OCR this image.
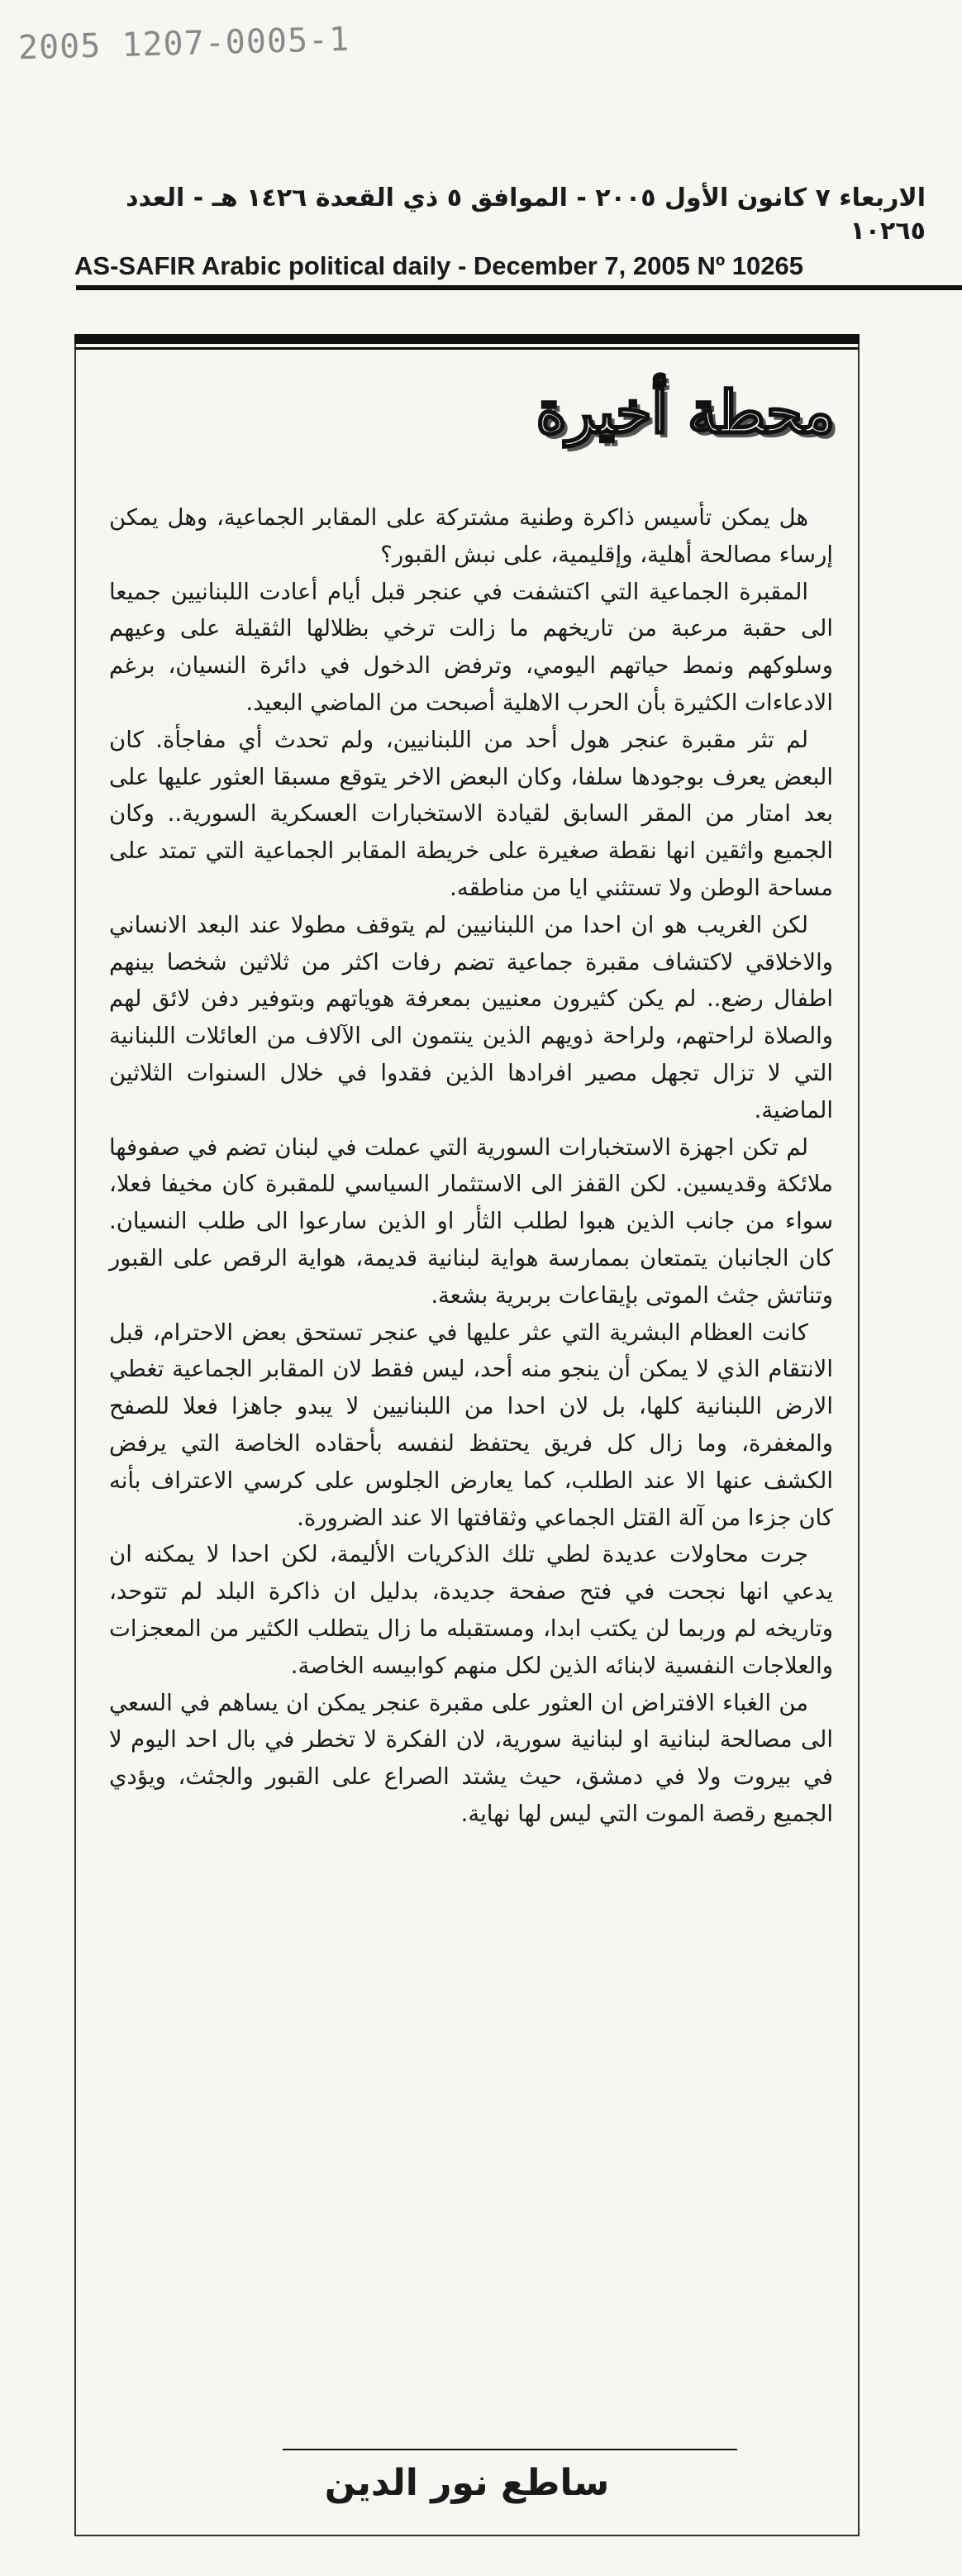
2005 1207-0005-1
الاربعاء ٧ كانون الأول ٢٠٠٥ - الموافق ٥ ذي القعدة ١٤٢٦ هـ - العدد ١٠٢٦٥
AS-SAFIR Arabic political daily - December 7, 2005 Nº 10265
محطة أخيرة

هل يمكن تأسيس ذاكرة وطنية مشتركة على المقابر الجماعية، وهل يمكن إرساء مصالحة أهلية، وإقليمية، على نبش القبور؟

المقبرة الجماعية التي اكتشفت في عنجر قبل أيام أعادت اللبنانيين جميعا الى حقبة مرعبة من تاريخهم ما زالت ترخي بظلالها الثقيلة على وعيهم وسلوكهم ونمط حياتهم اليومي، وترفض الدخول في دائرة النسيان، برغم الادعاءات الكثيرة بأن الحرب الاهلية أصبحت من الماضي البعيد.

لم تثر مقبرة عنجر هول أحد من اللبنانيين، ولم تحدث أي مفاجأة. كان البعض يعرف بوجودها سلفا، وكان البعض الاخر يتوقع مسبقا العثور عليها على بعد امتار من المقر السابق لقيادة الاستخبارات العسكرية السورية.. وكان الجميع واثقين انها نقطة صغيرة على خريطة المقابر الجماعية التي تمتد على مساحة الوطن ولا تستثني ايا من مناطقه.

لكن الغريب هو ان احدا من اللبنانيين لم يتوقف مطولا عند البعد الانساني والاخلاقي لاكتشاف مقبرة جماعية تضم رفات اكثر من ثلاثين شخصا بينهم اطفال رضع.. لم يكن كثيرون معنيين بمعرفة هوياتهم وبتوفير دفن لائق لهم والصلاة لراحتهم، ولراحة ذويهم الذين ينتمون الى الآلاف من العائلات اللبنانية التي لا تزال تجهل مصير افرادها الذين فقدوا في خلال السنوات الثلاثين الماضية.

لم تكن اجهزة الاستخبارات السورية التي عملت في لبنان تضم في صفوفها ملائكة وقديسين. لكن القفز الى الاستثمار السياسي للمقبرة كان مخيفا فعلا، سواء من جانب الذين هبوا لطلب الثأر او الذين سارعوا الى طلب النسيان. كان الجانبان يتمتعان بممارسة هواية لبنانية قديمة، هواية الرقص على القبور وتناتش جثث الموتى بإيقاعات بربرية بشعة.

كانت العظام البشرية التي عثر عليها في عنجر تستحق بعض الاحترام، قبل الانتقام الذي لا يمكن أن ينجو منه أحد، ليس فقط لان المقابر الجماعية تغطي الارض اللبنانية كلها، بل لان احدا من اللبنانيين لا يبدو جاهزا فعلا للصفح والمغفرة، وما زال كل فريق يحتفظ لنفسه بأحقاده الخاصة التي يرفض الكشف عنها الا عند الطلب، كما يعارض الجلوس على كرسي الاعتراف بأنه كان جزءا من آلة القتل الجماعي وثقافتها الا عند الضرورة.

جرت محاولات عديدة لطي تلك الذكريات الأليمة، لكن احدا لا يمكنه ان يدعي انها نجحت في فتح صفحة جديدة، بدليل ان ذاكرة البلد لم تتوحد، وتاريخه لم وربما لن يكتب ابدا، ومستقبله ما زال يتطلب الكثير من المعجزات والعلاجات النفسية لابنائه الذين لكل منهم كوابيسه الخاصة.

من الغباء الافتراض ان العثور على مقبرة عنجر يمكن ان يساهم في السعي الى مصالحة لبنانية او لبنانية سورية، لان الفكرة لا تخطر في بال احد اليوم لا في بيروت ولا في دمشق، حيث يشتد الصراع على القبور والجثث، ويؤدي الجميع رقصة الموت التي ليس لها نهاية.

ساطع نور الدين
